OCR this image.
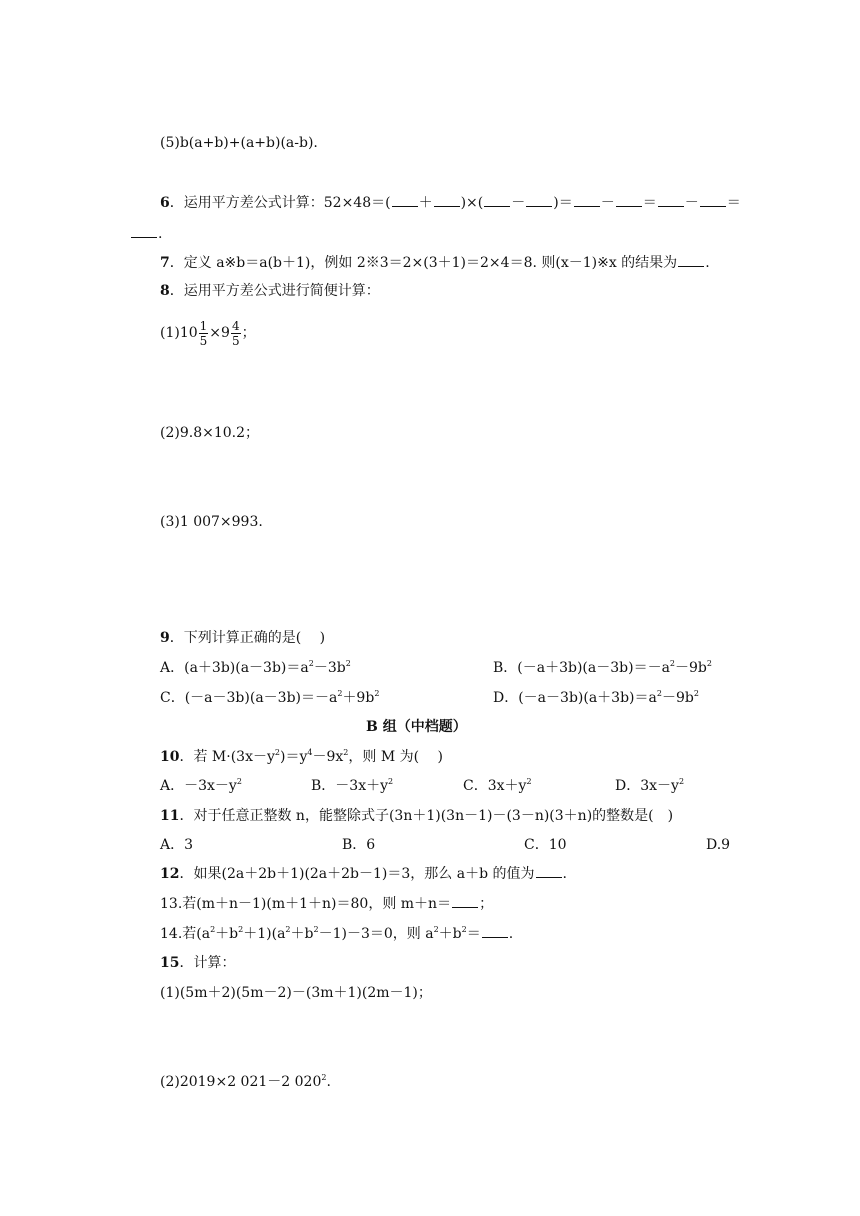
(5)b(a+b)+(a+b)(a-b).
6．运用平方差公式计算：52×48＝( ＋ )×( － )＝ － ＝ － ＝
.
7．定义 a※b＝a(b＋1)，例如 2※3＝2×(3＋1)＝2×4＝8. 则(x－1)※x 的结果为 .
8．运用平方差公式进行简便计算：
$(1)10 \frac{1}{5} \times 9 \frac{4}{5}$ ；
(2)9.8×10.2；
(3)1 007×993.
9．下列计算正确的是(　 )
A．$(a+3b)(a-3b)=a^2-3b^2$	B．$(-a+3b)(a-3b)=-a^2-9b^2$
C．$(-a-3b)(a-3b)=-a^2+9b^2$	D．$(-a-3b)(a+3b)=a^2-9b^2$
B 组（中档题）
10．若 $M\cdot(3x-y^2)=y^4-9x^2$，则 M 为(　 )
A．$-3x-y^2$	B．$-3x+y^2$	C．$3x+y^2$	D．$3x-y^2$
11．对于任意正整数 n，能整除式子(3n＋1)(3n－1)－(3－n)(3＋n)的整数是(　)
A．3	B．6	C．10	D.9
12．如果(2a＋2b＋1)(2a＋2b－1)＝3，那么 a＋b 的值为 .
13.若(m＋n－1)(m＋1＋n)＝80，则 m＋n＝ ；
14.若$(a^2+b^2+1)(a^2+b^2-1)-3=0$，则 $a^2+b^2=$ .
15．计算：
(1)(5m＋2)(5m－2)－(3m＋1)(2m－1)；
(2)2019×2 021－2 $020^2$.
